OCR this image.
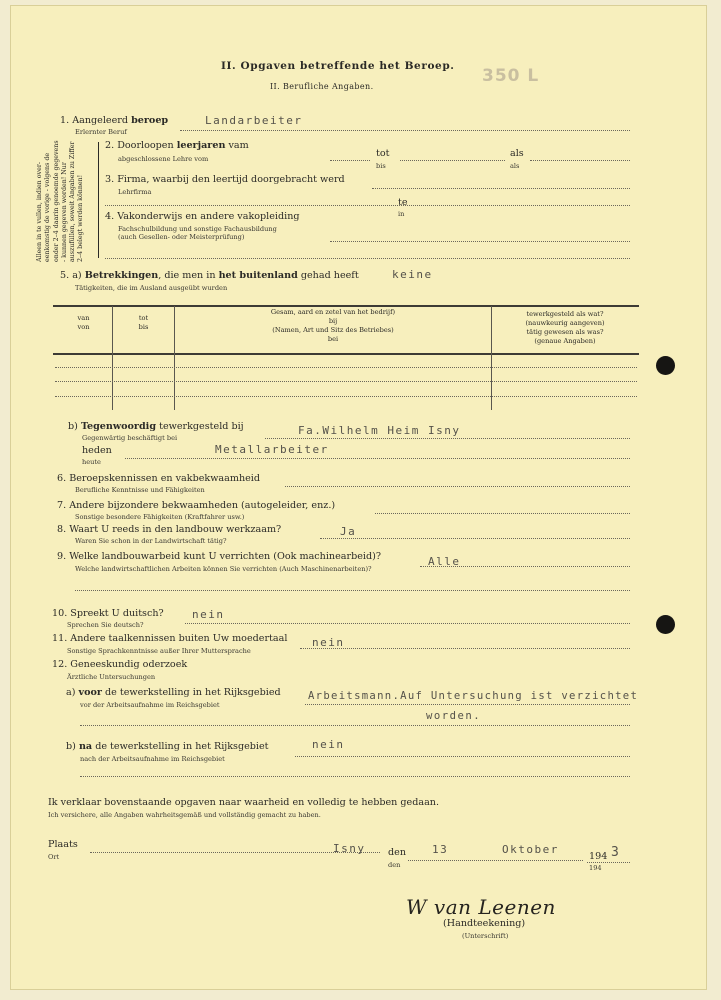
350 L
II. Opgaven betreffende het Beroep.
II. Berufliche Angaben.
Alleen in te vullen, indien overeenkomstig de vorige ‑ volgens de onder 2–4 daarin genoemde gegevens ‑ kunnen gegeven worden! Nur auszufüllen, soweit Angaben zu Ziffer 2–4 belegt werden können!
1. Aangeleerd beroep
Erlernter Beruf
Landarbeiter
2. Doorloopen leerjaren vam
abgeschlossene Lehre vom	tot
bis
als
als
3. Firma, waarbij den leertijd doorgebracht werd
Lehrfirma
4. Vakonderwijs en andere vakopleiding
Fachschulbildung und sonstige Fachausbildung
(auch Gesellen- oder Meisterprüfung)
te
in
5. a) Betrekkingen, die men in het buitenland gehad heeft
Tätigkeiten, die im Ausland ausgeübt wurden
keine
van
von
tot
bis
Gesam, aard en zetel van het bedrijf)
bij
(Namen, Art und Sitz des Betriebes)
bei
tewerkgesteld als wat?
(nauwkeurig aangeven)
tätig gewesen als was?
(genaue Angaben)
b) Tegenwoordig tewerkgesteld bij
Gegenwärtig beschäftigt bei
Fa.Wilhelm Heim Isny
heden
heute
Metallarbeiter
6. Beroepskennissen en vakbekwaamheid
Berufliche Kenntnisse und Fähigkeiten
7. Andere bijzondere bekwaamheden (autogeleider, enz.)
Sonstige besondere Fähigkeiten (Kraftfahrer usw.)
8. Waart U reeds in den landbouw werkzaam?
Waren Sie schon in der Landwirtschaft tätig?
Ja
9. Welke landbouwarbeid kunt U verrichten (Ook machinearbeid)?
Welche landwirtschaftlichen Arbeiten können Sie verrichten (Auch Maschinenarbeiten)?
Alle
10. Spreekt U duitsch?
Sprechen Sie deutsch?
nein
11. Andere taalkennissen buiten Uw moedertaal
Sonstige Sprachkenntnisse außer Ihrer Muttersprache
nein
12. Geneeskundig oderzoek
Ärztliche Untersuchungen
a) voor de tewerkstelling in het Rijksgebied
vor der Arbeitsaufnahme im Reichsgebiet
Arbeitsmann.Auf Untersuchung ist verzichtet
worden.
b) na de tewerkstelling in het Rijksgebiet
nach der Arbeitsaufnahme im Reichsgebiet
nein
Ik verklaar bovenstaande opgaven naar waarheid en volledig te hebben gedaan.
Ich versichere, alle Angaben wahrheitsgemäß und vollständig gemacht zu haben.
Plaats
Ort
Isny den
den
13	Oktober
194 3
194
W van Leenen
(Handteekening)
(Unterschrift)
